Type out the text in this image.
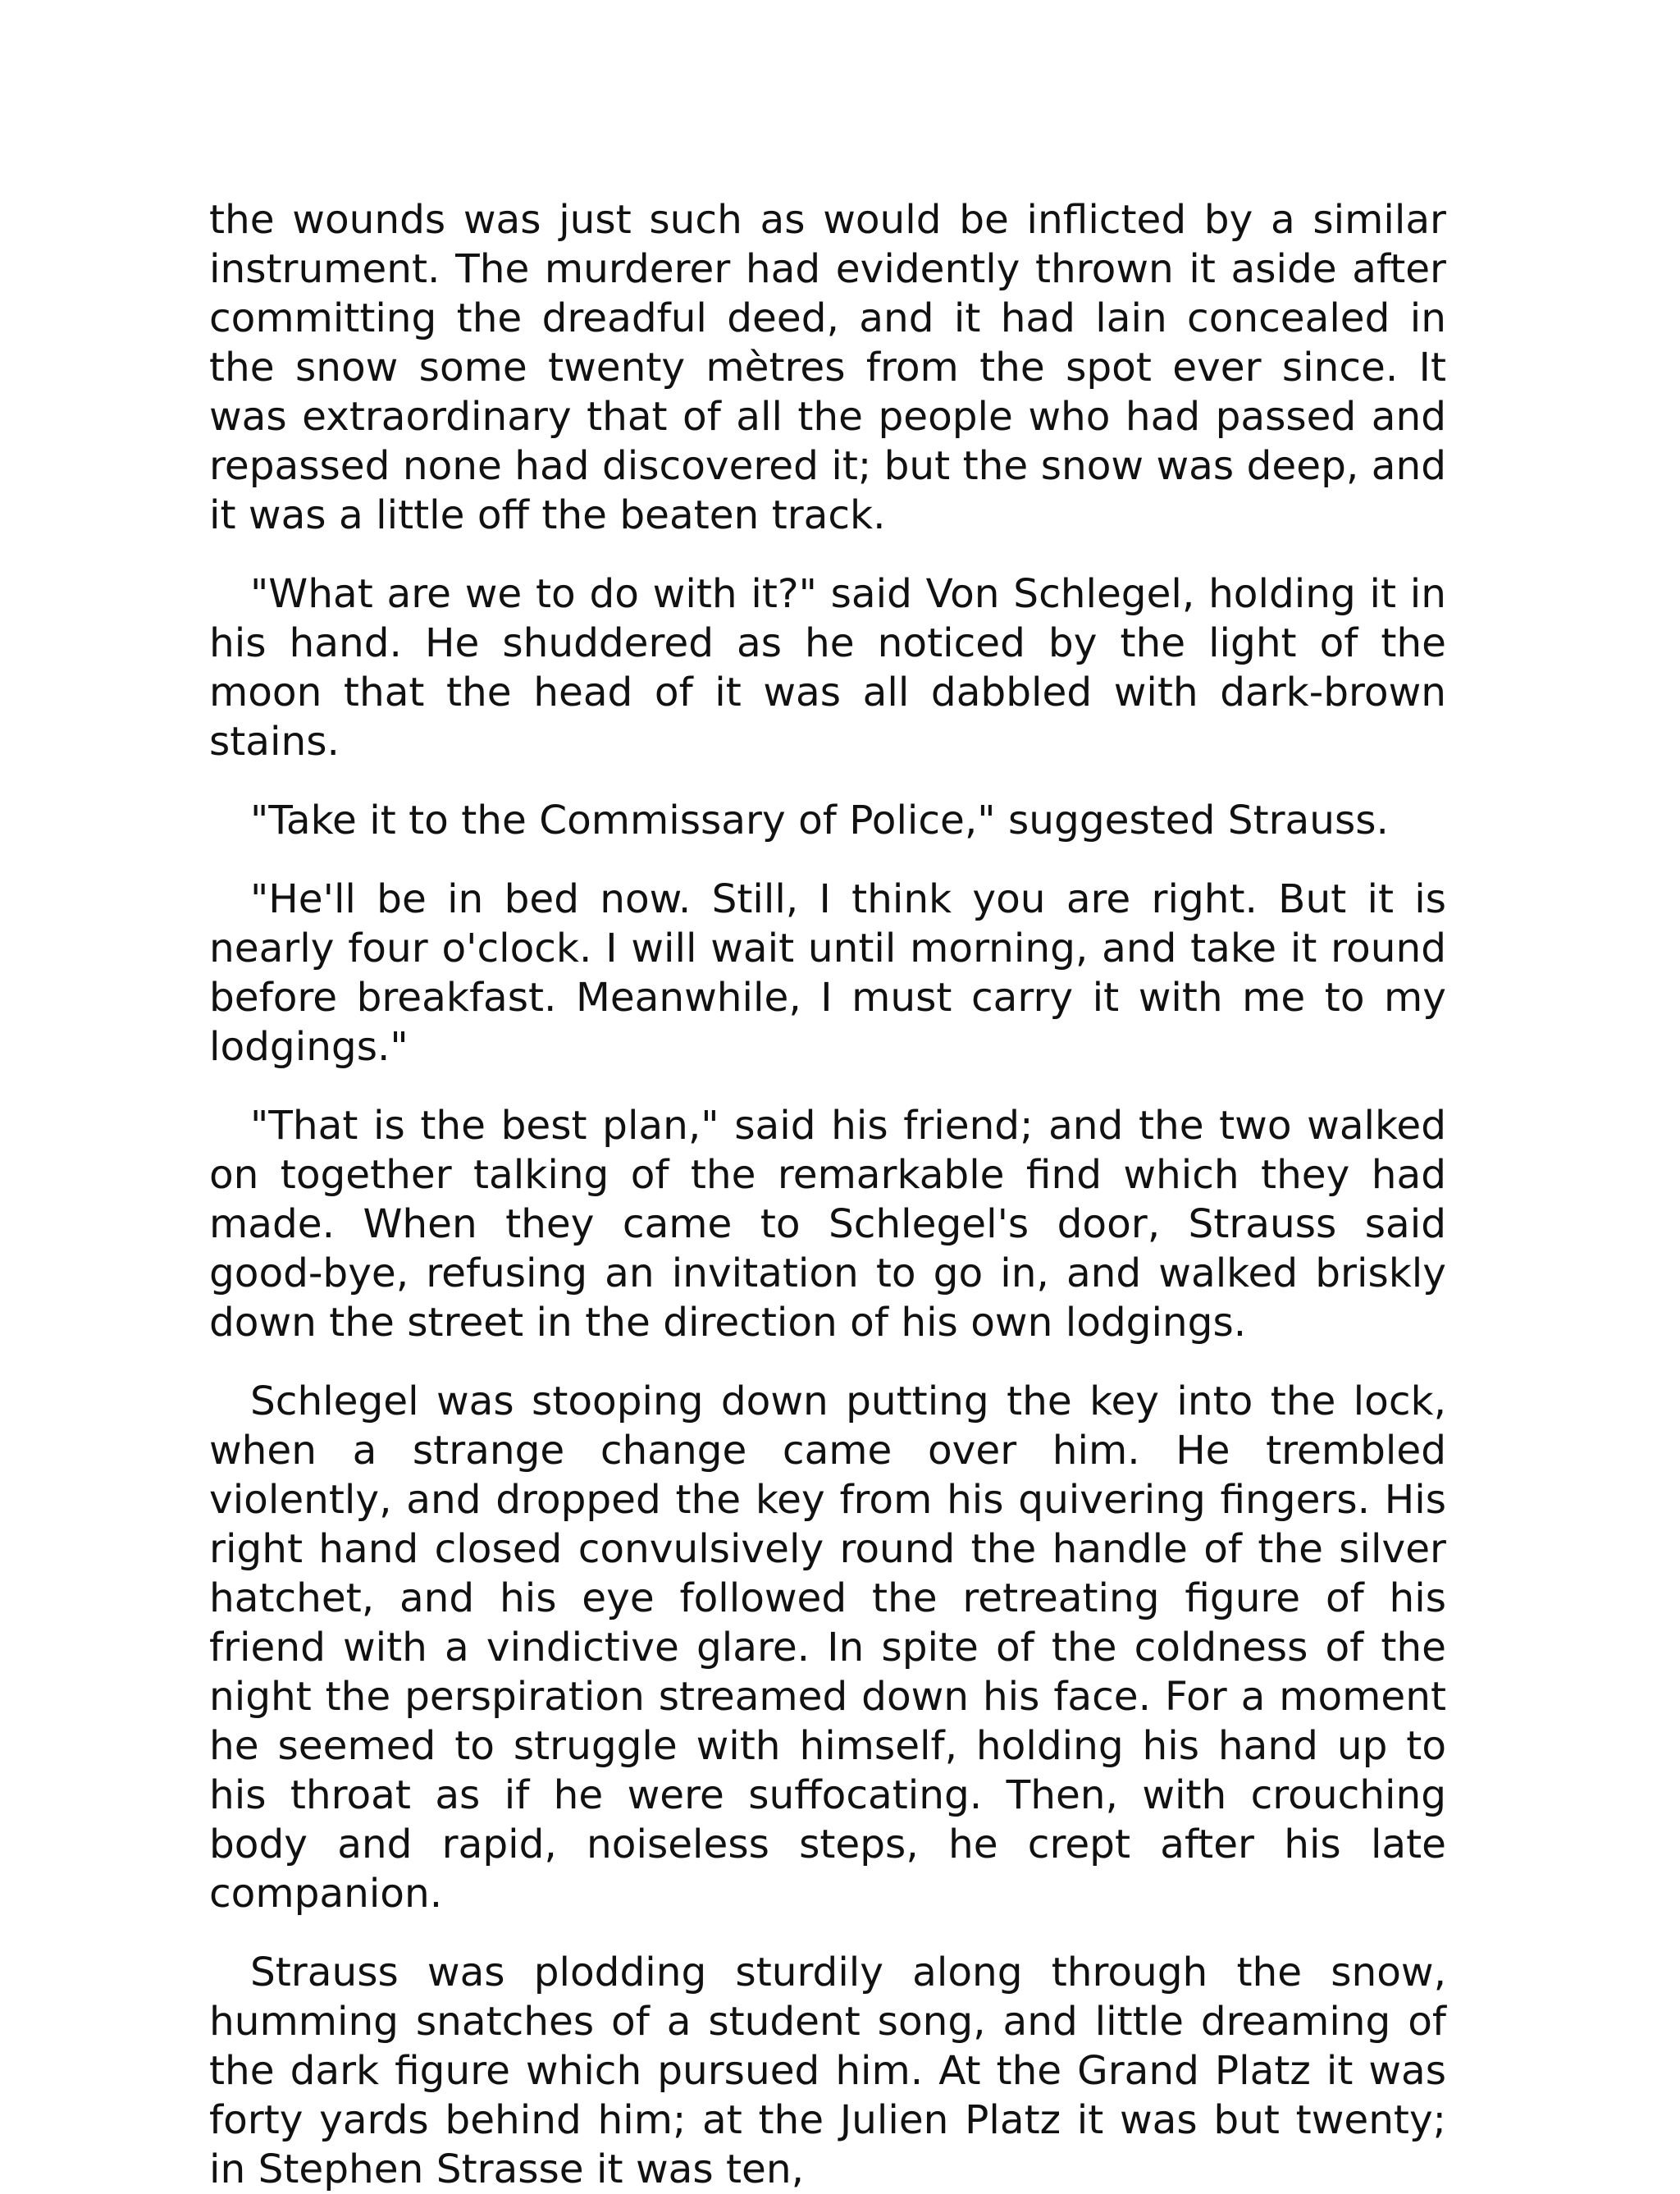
the wounds was just such as would be inflicted by a similar instrument. The murderer had evidently thrown it aside after committing the dreadful deed, and it had lain concealed in the snow some twenty mètres from the spot ever since. It was extraordinary that of all the people who had passed and repassed none had discovered it; but the snow was deep, and it was a little off the beaten track.

"What are we to do with it?" said Von Schlegel, holding it in his hand. He shuddered as he noticed by the light of the moon that the head of it was all dabbled with dark-brown stains.

"Take it to the Commissary of Police," suggested Strauss.

"He'll be in bed now. Still, I think you are right. But it is nearly four o'clock. I will wait until morning, and take it round before breakfast. Meanwhile, I must carry it with me to my lodgings."

"That is the best plan," said his friend; and the two walked on together talking of the remarkable find which they had made. When they came to Schlegel's door, Strauss said good-bye, refusing an invitation to go in, and walked briskly down the street in the direction of his own lodgings.

Schlegel was stooping down putting the key into the lock, when a strange change came over him. He trembled violently, and dropped the key from his quivering fingers. His right hand closed convulsively round the handle of the silver hatchet, and his eye followed the retreating figure of his friend with a vindictive glare. In spite of the coldness of the night the perspiration streamed down his face. For a moment he seemed to struggle with himself, holding his hand up to his throat as if he were suffocating. Then, with crouching body and rapid, noiseless steps, he crept after his late companion.

Strauss was plodding sturdily along through the snow, humming snatches of a student song, and little dreaming of the dark figure which pursued him. At the Grand Platz it was forty yards behind him; at the Julien Platz it was but twenty; in Stephen Strasse it was ten,
